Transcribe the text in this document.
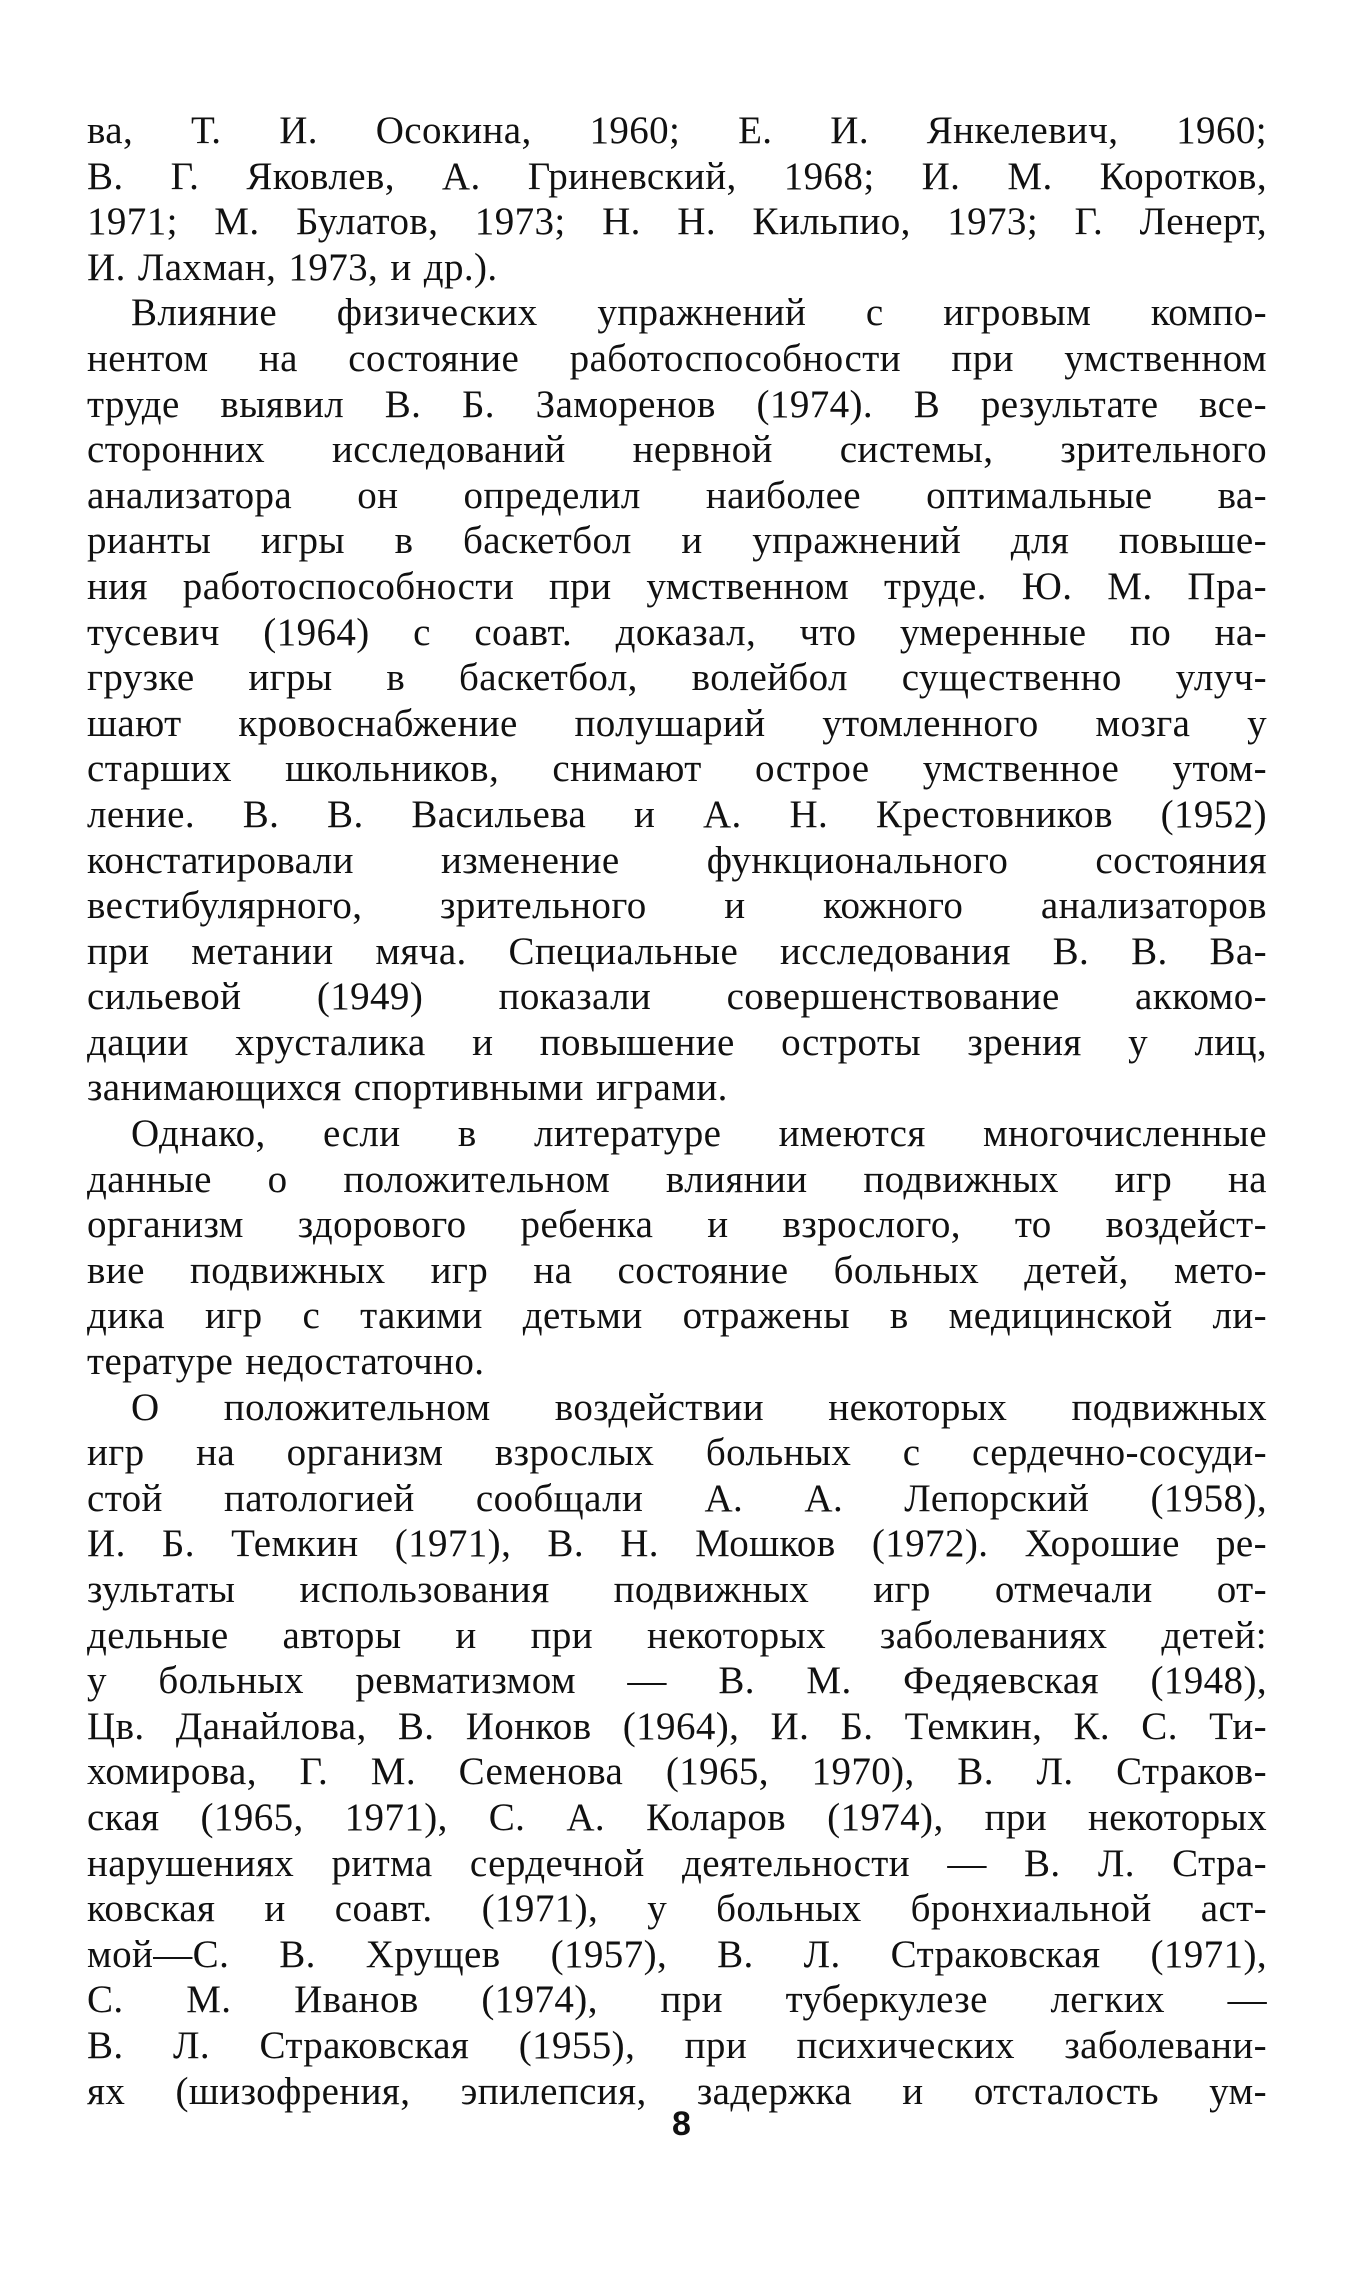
ва, Т. И. Осокина, 1960; Е. И. Янкелевич, 1960;
В. Г. Яковлев, А. Гриневский, 1968; И. М. Коротков,
1971; М. Булатов, 1973; Н. Н. Кильпио, 1973; Г. Ленерт,
И. Лахман, 1973, и др.).
Влияние физических упражнений с игровым компо-
нентом на состояние работоспособности при умственном
труде выявил В. Б. Заморенов (1974). В результате все-
сторонних исследований нервной системы, зрительного
анализатора он определил наиболее оптимальные ва-
рианты игры в баскетбол и упражнений для повыше-
ния работоспособности при умственном труде. Ю. М. Пра-
тусевич (1964) с соавт. доказал, что умеренные по на-
грузке игры в баскетбол, волейбол существенно улуч-
шают кровоснабжение полушарий утомленного мозга у
старших школьников, снимают острое умственное утом-
ление. В. В. Васильева и А. Н. Крестовников (1952)
констатировали изменение функционального состояния
вестибулярного, зрительного и кожного анализаторов
при метании мяча. Специальные исследования В. В. Ва-
сильевой (1949) показали совершенствование аккомо-
дации хрусталика и повышение остроты зрения у лиц,
занимающихся спортивными играми.
Однако, если в литературе имеются многочисленные
данные о положительном влиянии подвижных игр на
организм здорового ребенка и взрослого, то воздейст-
вие подвижных игр на состояние больных детей, мето-
дика игр с такими детьми отражены в медицинской ли-
тературе недостаточно.
О положительном воздействии некоторых подвижных
игр на организм взрослых больных с сердечно-сосуди-
стой патологией сообщали А. А. Лепорский (1958),
И. Б. Темкин (1971), В. Н. Мошков (1972). Хорошие ре-
зультаты использования подвижных игр отмечали от-
дельные авторы и при некоторых заболеваниях детей:
у больных ревматизмом — В. М. Федяевская (1948),
Цв. Данайлова, В. Ионков (1964), И. Б. Темкин, К. С. Ти-
хомирова, Г. М. Семенова (1965, 1970), В. Л. Страков-
ская (1965, 1971), С. А. Коларов (1974), при некоторых
нарушениях ритма сердечной деятельности — В. Л. Стра-
ковская и соавт. (1971), у больных бронхиальной аст-
мой—С. В. Хрущев (1957), В. Л. Страковская (1971),
С. М. Иванов (1974), при туберкулезе легких —
В. Л. Страковская (1955), при психических заболевани-
ях (шизофрения, эпилепсия, задержка и отсталость ум-
8
